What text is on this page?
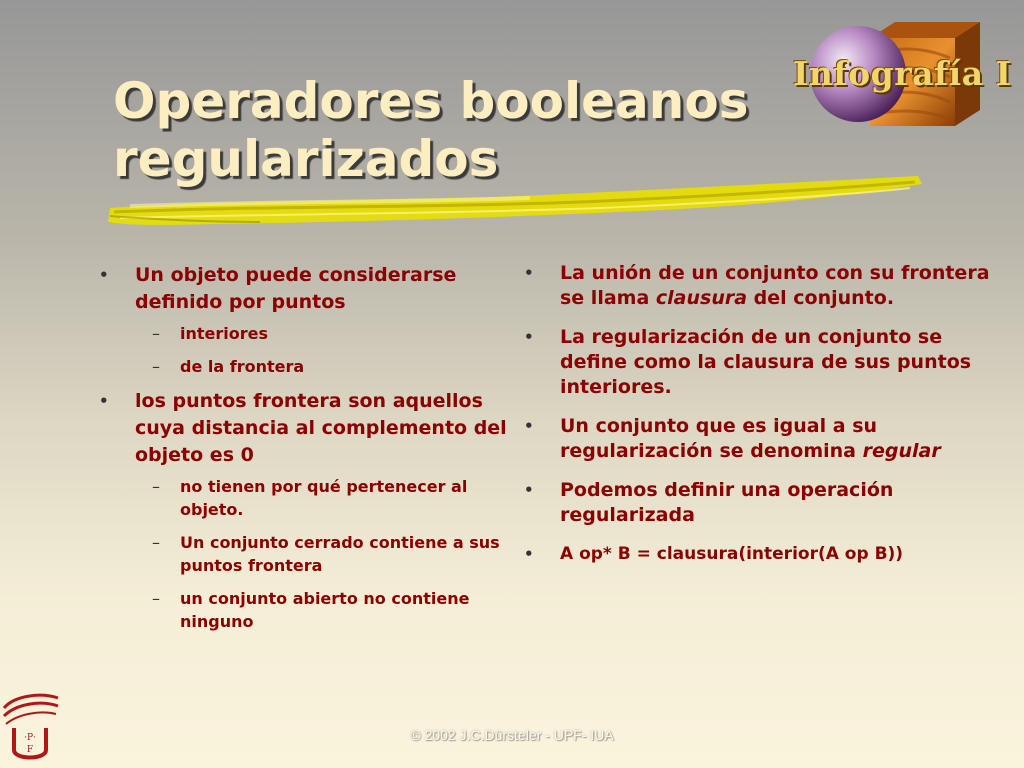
Operadores booleanos
regularizados
Infografía I
• Un objeto puede considerarse definido por puntos
– interiores
– de la frontera
• los puntos frontera son aquellos cuya distancia al complemento del objeto es 0
– no tienen por qué pertenecer al objeto.
– Un conjunto cerrado contiene a sus puntos frontera
– un conjunto abierto no contiene ninguno
• La unión de un conjunto con su frontera se llama clausura del conjunto.
• La regularización de un conjunto se define como la clausura de sus puntos interiores.
• Un conjunto que es igual a su regularización se denomina regular
• Podemos definir una operación regularizada
• A op* B = clausura(interior(A op B))
·P·
F
© 2002 J.C.Dürsteler - UPF- IUA
